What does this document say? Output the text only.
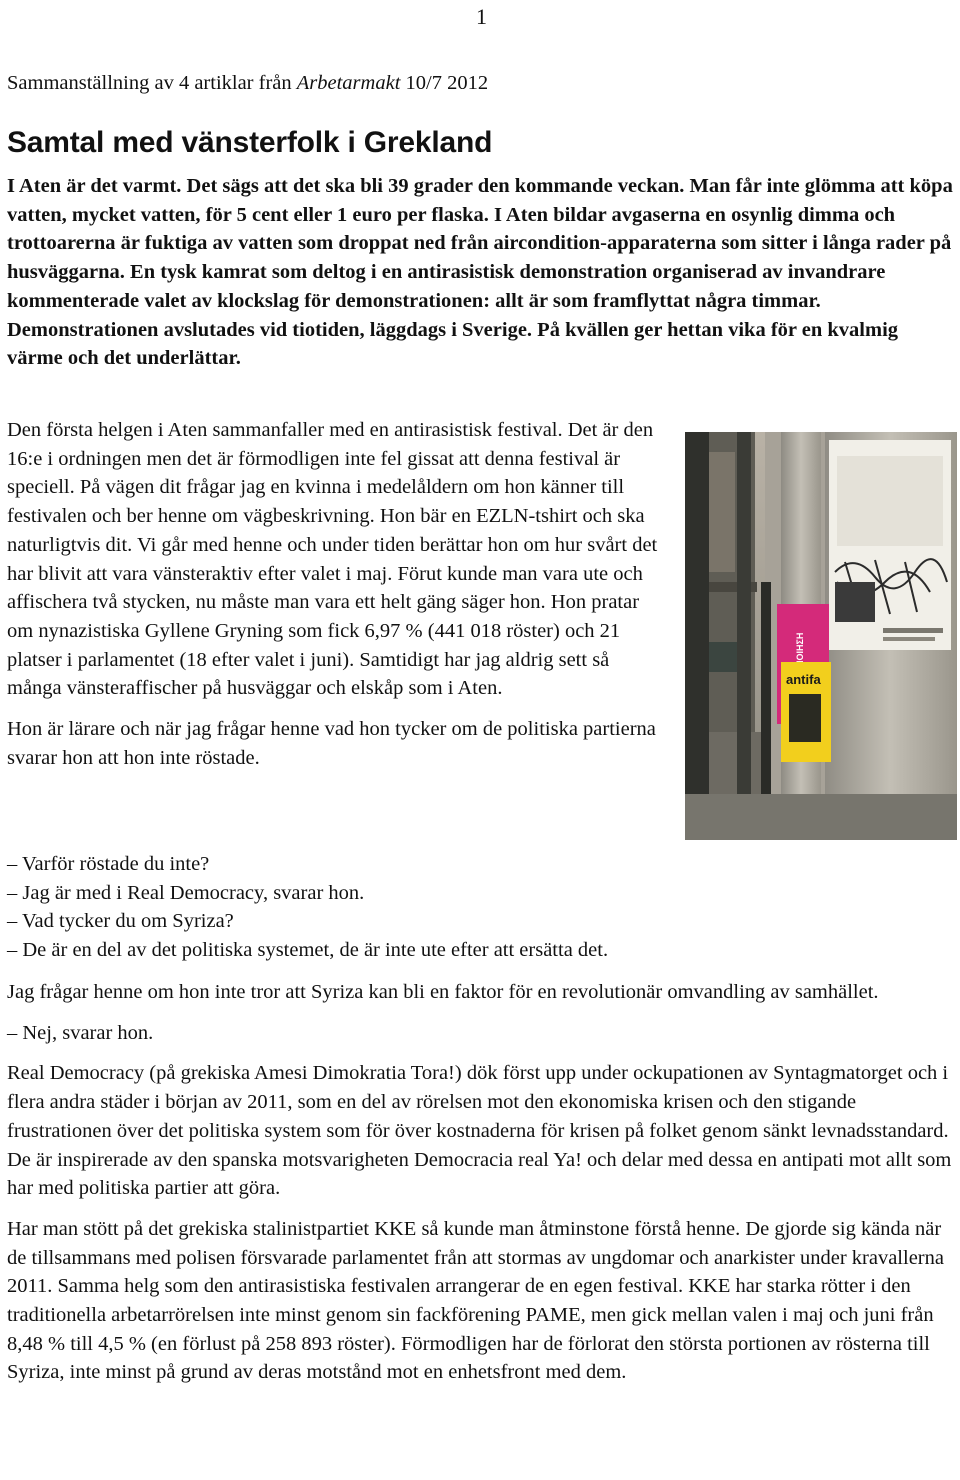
1
Sammanställning av 4 artiklar från Arbetarmakt 10/7 2012
Samtal med vänsterfolk i Grekland

I Aten är det varmt. Det sägs att det ska bli 39 grader den kommande veckan. Man får inte glömma att köpa vatten, mycket vatten, för 5 cent eller 1 euro per flaska. I Aten bildar avgaserna en osynlig dimma och trottoarerna är fuktiga av vatten som droppat ned från aircondition-apparaterna som sitter i långa rader på husväggarna. En tysk kamrat som deltog i en antirasistisk demonstration organiserad av invandrare kommenterade valet av klockslag för demonstrationen: allt är som framflyttat några timmar. Demonstrationen avslutades vid tiotiden, läggdags i Sverige. På kvällen ger hettan vika för en kvalmig värme och det underlättar.

Den första helgen i Aten sammanfaller med en antirasistisk festival. Det är den 16:e i ordningen men det är förmodligen inte fel gissat att denna festival är speciell. På vägen dit frågar jag en kvinna i medelåldern om hon känner till festivalen och ber henne om vägbeskrivning. Hon bär en EZLN-tshirt och ska naturligtvis dit. Vi går med henne och under tiden berättar hon om hur svårt det har blivit att vara vänsteraktiv efter valet i maj. Förut kunde man vara ute och affischera två stycken, nu måste man vara ett helt gäng säger hon. Hon pratar om nynazistiska Gyllene Gryning som fick 6,97 % (441 018 röster) och 21 platser i parlamentet (18 efter valet i juni). Samtidigt har jag aldrig sett så många vänsteraffischer på husväggar och elskåp som i Aten.

Hon är lärare och när jag frågar henne vad hon tycker om de politiska partierna svarar hon att hon inte röstade.

antifa

– Varför röstade du inte?

– Jag är med i Real Democracy, svarar hon.

– Vad tycker du om Syriza?

– De är en del av det politiska systemet, de är inte ute efter att ersätta det.

Jag frågar henne om hon inte tror att Syriza kan bli en faktor för en revolutionär omvandling av samhället.

– Nej, svarar hon.

Real Democracy (på grekiska Amesi Dimokratia Tora!) dök först upp under ockupationen av Syntagmatorget och i flera andra städer i början av 2011, som en del av rörelsen mot den ekonomiska krisen och den stigande frustrationen över det politiska system som för över kostnaderna för krisen på folket genom sänkt levnadsstandard. De är inspirerade av den spanska motsvarigheten Democracia real Ya! och delar med dessa en antipati mot allt som har med politiska partier att göra.

Har man stött på det grekiska stalinistpartiet KKE så kunde man åtminstone förstå henne. De gjorde sig kända när de tillsammans med polisen försvarade parlamentet från att stormas av ungdomar och anarkister under kravallerna 2011. Samma helg som den antirasistiska festivalen arrangerar de en egen festival. KKE har starka rötter i den traditionella arbetarrörelsen inte minst genom sin fackförening PAME, men gick mellan valen i maj och juni från 8,48 % till 4,5 % (en förlust på 258 893 röster). Förmodligen har de förlorat den största portionen av rösterna till Syriza, inte minst på grund av deras motstånd mot en enhetsfront med dem.
